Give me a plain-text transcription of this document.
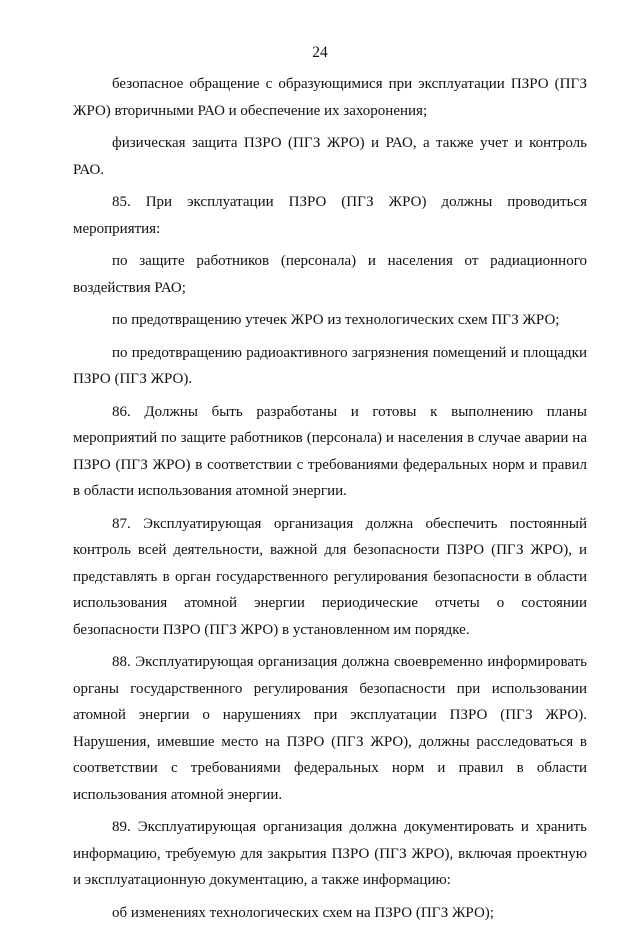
24

безопасное обращение с образующимися при эксплуатации ПЗРО (ПГЗ ЖРО) вторичными РАО и обеспечение их захоронения;

физическая защита ПЗРО (ПГЗ ЖРО) и РАО, а также учет и контроль РАО.

85. При эксплуатации ПЗРО (ПГЗ ЖРО) должны проводиться мероприятия:

по защите работников (персонала) и населения от радиационного воздействия РАО;

по предотвращению утечек ЖРО из технологических схем ПГЗ ЖРО;

по предотвращению радиоактивного загрязнения помещений и площадки ПЗРО (ПГЗ ЖРО).

86. Должны быть разработаны и готовы к выполнению планы мероприятий по защите работников (персонала) и населения в случае аварии на ПЗРО (ПГЗ ЖРО) в соответствии с требованиями федеральных норм и правил в области использования атомной энергии.

87. Эксплуатирующая организация должна обеспечить постоянный контроль всей деятельности, важной для безопасности ПЗРО (ПГЗ ЖРО), и представлять в орган государственного регулирования безопасности в области использования атомной энергии периодические отчеты о состоянии безопасности ПЗРО (ПГЗ ЖРО) в установленном им порядке.

88. Эксплуатирующая организация должна своевременно информировать органы государственного регулирования безопасности при использовании атомной энергии о нарушениях при эксплуатации ПЗРО (ПГЗ ЖРО). Нарушения, имевшие место на ПЗРО (ПГЗ ЖРО), должны расследоваться в соответствии с требованиями федеральных норм и правил в области использования атомной энергии.

89. Эксплуатирующая организация должна документировать и хранить информацию, требуемую для закрытия ПЗРО (ПГЗ ЖРО), включая проектную и эксплуатационную документацию, а также информацию:

об изменениях технологических схем на ПЗРО (ПГЗ ЖРО);
